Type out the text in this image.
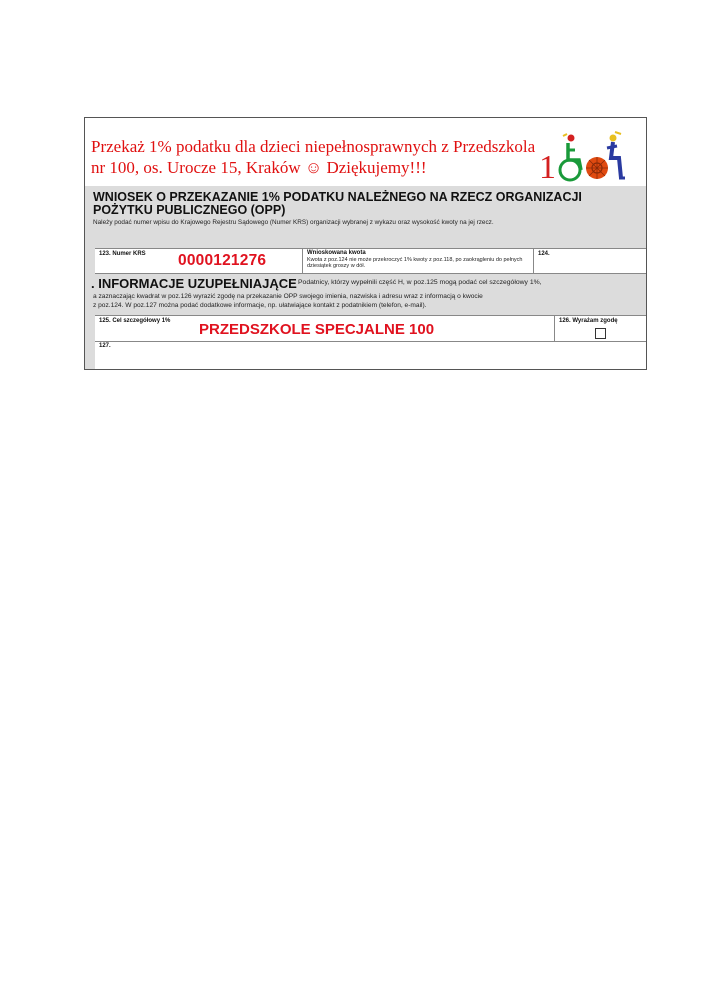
Przekaż 1% podatku dla dzieci niepełnosprawnych z Przedszkola nr 100, os. Urocze 15, Kraków ☺ Dziękujemy!!!	1
WNIOSEK O PRZEKAZANIE 1% PODATKU NALEŻNEGO NA RZECZ ORGANIZACJI POŻYTKU PUBLICZNEGO (OPP)
Należy podać numer wpisu do Krajowego Rejestru Sądowego (Numer KRS) organizacji wybranej z wykazu oraz wysokość kwoty na jej rzecz.
123. Numer KRS 0000121276	Wnioskowana kwota
Kwota z poz.124 nie może przekroczyć 1% kwoty z poz.118, po zaokrągleniu do pełnych dziesiątek groszy w dół.
124.
. INFORMACJE UZUPEŁNIAJĄCE Podatnicy, którzy wypełnili część H, w poz.125 mogą podać cel szczegółowy 1%,
a zaznaczając kwadrat w poz.126 wyrazić zgodę na przekazanie OPP swojego imienia, nazwiska i adresu wraz z informacją o kwocie
z poz.124. W poz.127 można podać dodatkowe informacje, np. ułatwiające kontakt z podatnikiem (telefon, e-mail).
125. Cel szczegółowy 1% PRZEDSZKOLE SPECJALNE 100	126. Wyrażam zgodę
127.
